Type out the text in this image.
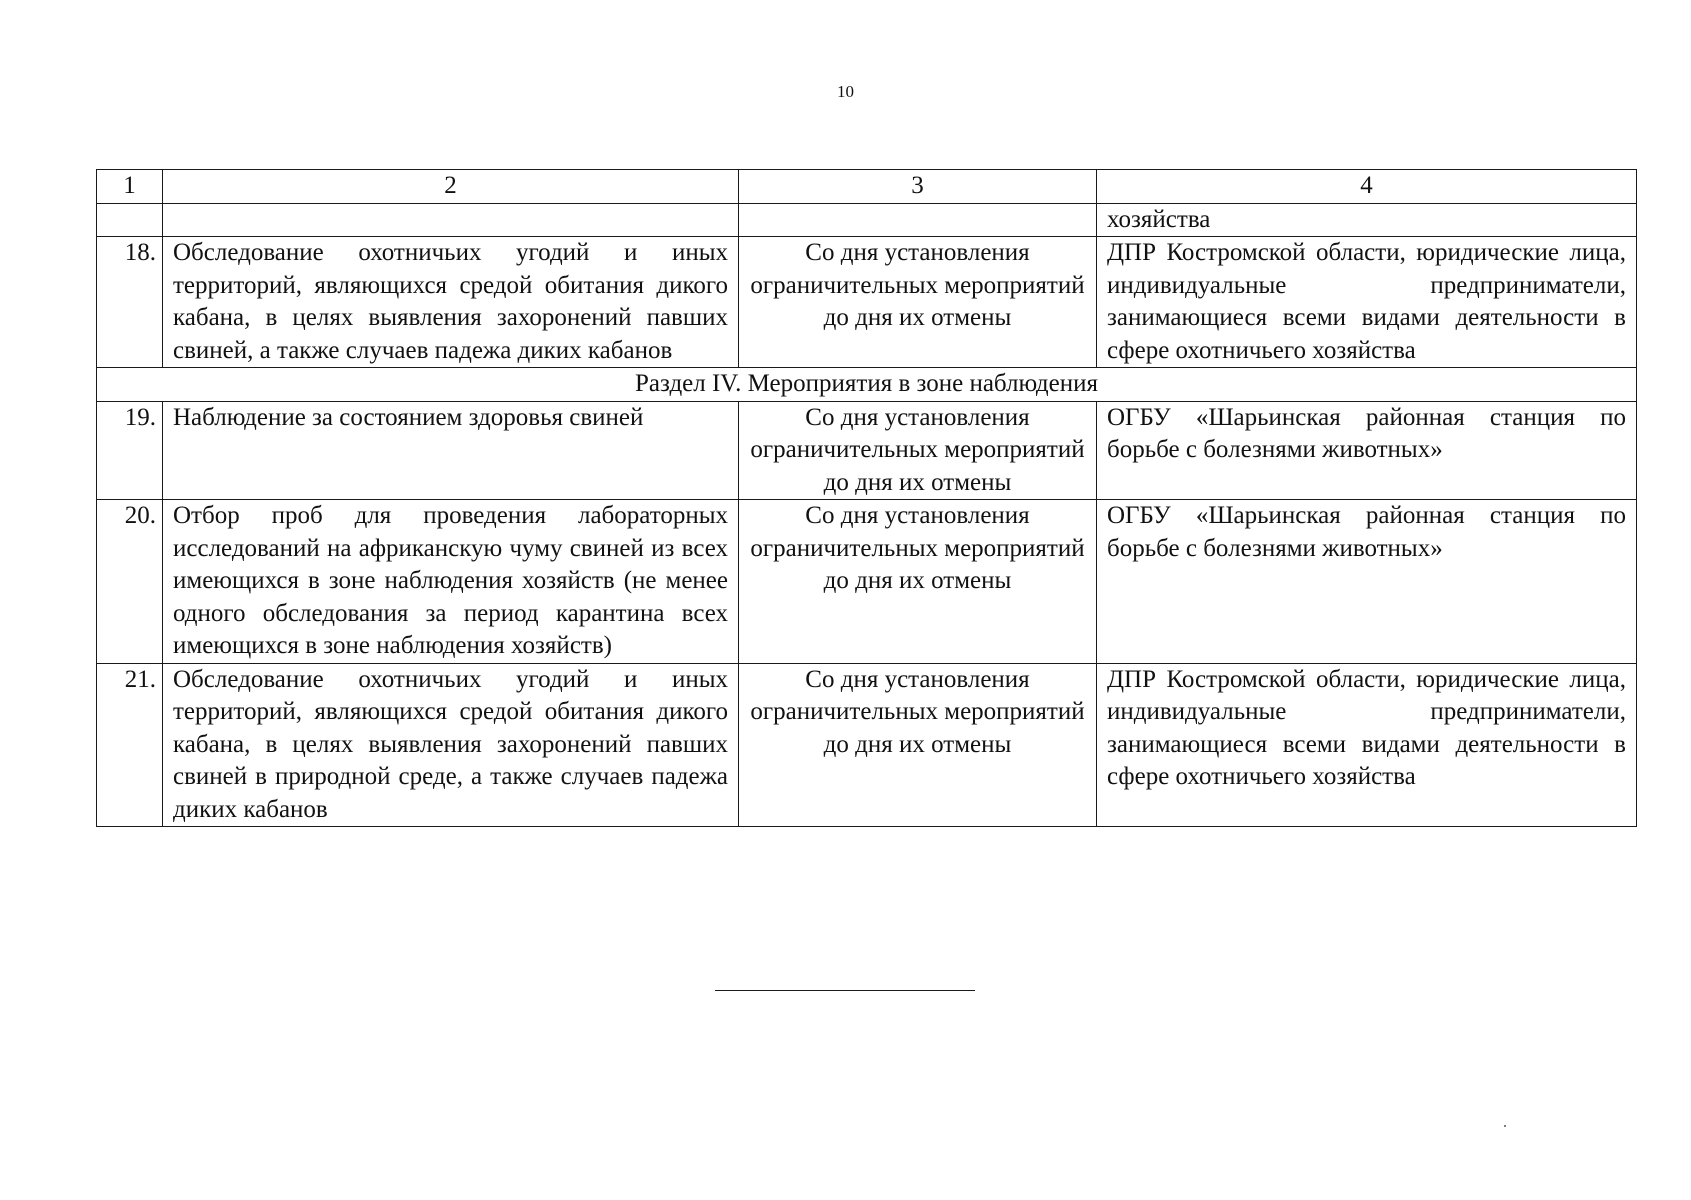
10
1	2	3	4
			хозяйства
18.	Обследование охотничьих угодий и иных территорий, являющихся средой обитания дикого кабана, в целях выявления захоронений павших свиней, а также случаев падежа диких кабанов	Со дня установления ограничительных мероприятий до дня их отмены	ДПР Костромской области, юридические лица, индивидуальные предприниматели, занимающиеся всеми видами деятельности в сфере охотничьего хозяйства
Раздел IV. Мероприятия в зоне наблюдения			
19.	Наблюдение за состоянием здоровья свиней	Со дня установления ограничительных мероприятий до дня их отмены	ОГБУ «Шарьинская районная станция по борьбе с болезнями животных»
20.	Отбор проб для проведения лабораторных исследований на африканскую чуму свиней из всех имеющихся в зоне наблюдения хозяйств (не менее одного обследования за период карантина всех имеющихся в зоне наблюдения хозяйств)	Со дня установления ограничительных мероприятий до дня их отмены	ОГБУ «Шарьинская районная станция по борьбе с болезнями животных»
21.	Обследование охотничьих угодий и иных территорий, являющихся средой обитания дикого кабана, в целях выявления захоронений павших свиней в природной среде, а также случаев падежа диких кабанов	Со дня установления ограничительных мероприятий до дня их отмены	ДПР Костромской области, юридические лица, индивидуальные предприниматели, занимающиеся всеми видами деятельности в сфере охотничьего хозяйства
